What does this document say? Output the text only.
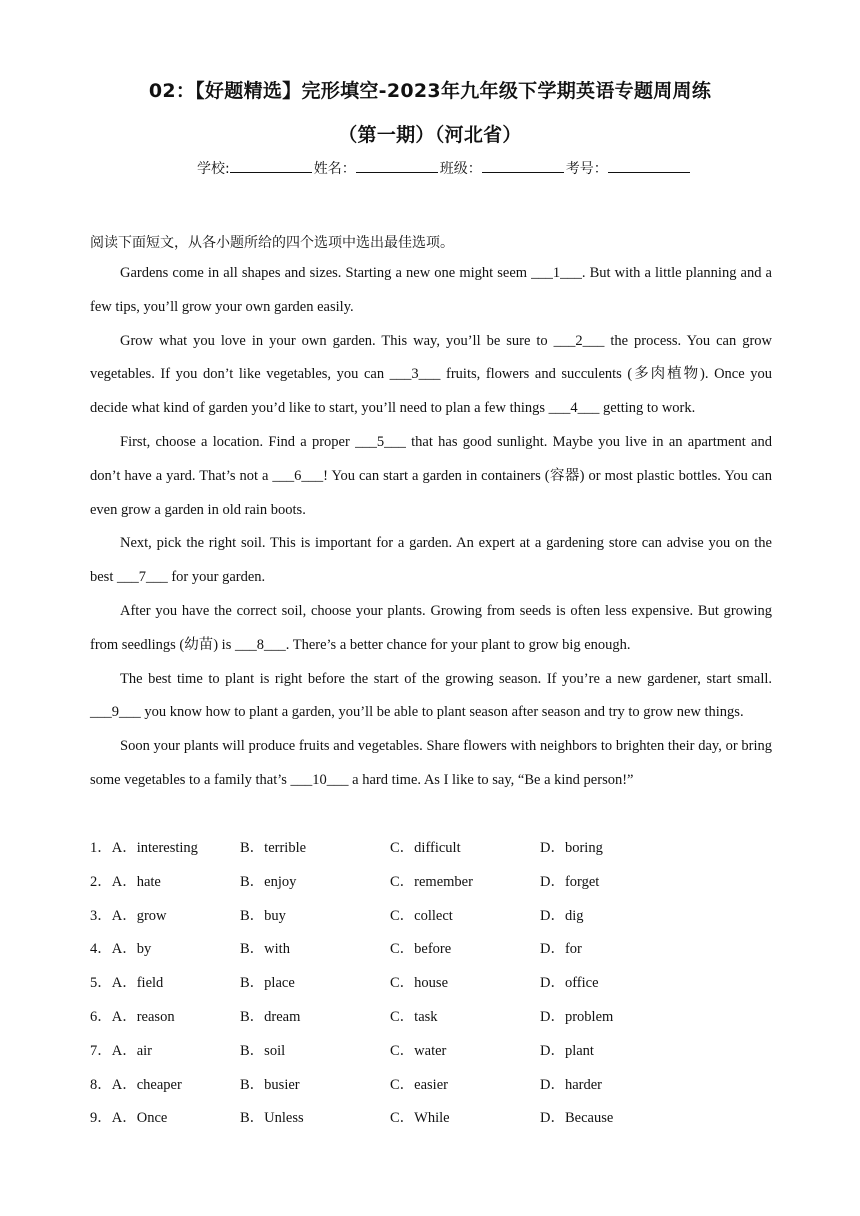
02：【好题精选】完形填空-2023年九年级下学期英语专题周周练
（第一期）（河北省）
学校:	姓名：	班级：	考号：
阅读下面短文，从各小题所给的四个选项中选出最佳选项。

Gardens come in all shapes and sizes. Starting a new one might seem ___1___. But with a little planning and a few tips, you’ll grow your own garden easily.

Grow what you love in your own garden. This way, you’ll be sure to ___2___ the process. You can grow vegetables. If you don’t like vegetables, you can ___3___ fruits, flowers and succulents (多肉植物). Once you decide what kind of garden you’d like to start, you’ll need to plan a few things ___4___ getting to work.

First, choose a location. Find a proper ___5___ that has good sunlight. Maybe you live in an apartment and don’t have a yard. That’s not a ___6___! You can start a garden in containers (容器) or most plastic bottles. You can even grow a garden in old rain boots.

Next, pick the right soil. This is important for a garden. An expert at a gardening store can advise you on the best ___7___ for your garden.

After you have the correct soil, choose your plants. Growing from seeds is often less expensive. But growing from seedlings (幼苗) is ___8___. There’s a better chance for your plant to grow big enough.

The best time to plant is right before the start of the growing season. If you’re a new gardener, start small. ___9___ you know how to plant a garden, you’ll be able to plant season after season and try to grow new things.

Soon your plants will produce fruits and vegetables. Share flowers with neighbors to brighten their day, or bring some vegetables to a family that’s ___10___ a hard time. As I like to say, “Be a kind person!”

1．A．interesting	B．terrible	C．difficult	D．boring
2．A．hate	B．enjoy	C．remember	D．forget
3．A．grow	B．buy	C．collect	D．dig
4．A．by	B．with	C．before	D．for
5．A．field	B．place	C．house	D．office
6．A．reason	B．dream	C．task	D．problem
7．A．air	B．soil	C．water	D．plant
8．A．cheaper	B．busier	C．easier	D．harder
9．A．Once	B．Unless	C．While	D．Because
